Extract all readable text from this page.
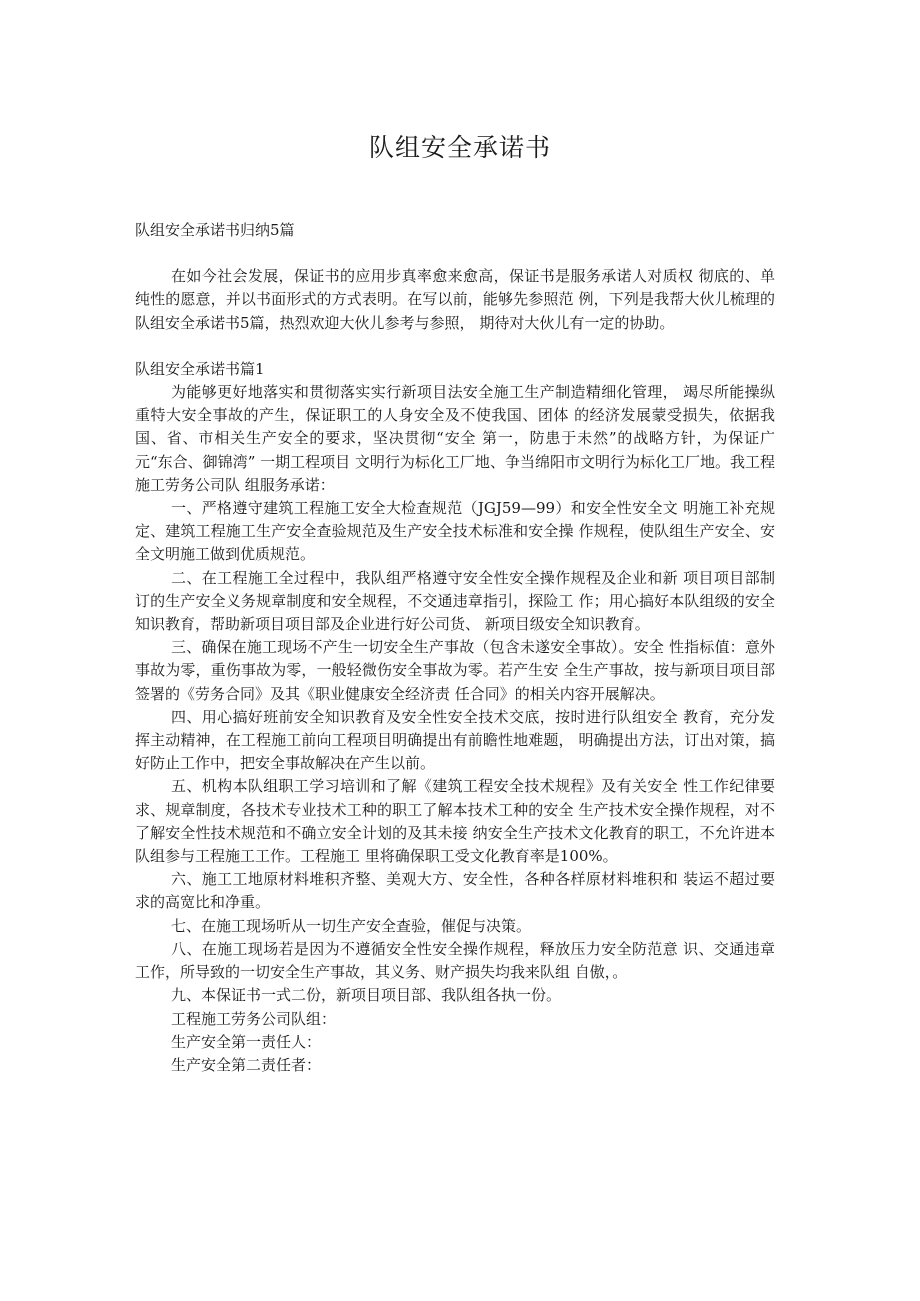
队组安全承诺书

队组安全承诺书归纳5篇

在如今社会发展，保证书的应用步真率愈来愈高，保证书是服务承诺人对质权 彻底的、单纯性的愿意，并以书面形式的方式表明。在写以前，能够先参照范 例，下列是我帮大伙儿梳理的队组安全承诺书5篇，热烈欢迎大伙儿参考与参照， 期待对大伙儿有一定的协助。

队组安全承诺书篇1

为能够更好地落实和贯彻落实实行新项目法安全施工生产制造精细化管理， 竭尽所能操纵重特大安全事故的产生，保证职工的人身安全及不使我国、团体 的经济发展蒙受损失，依据我国、省、市相关生产安全的要求，坚决贯彻“安全 第一，防患于未然”的战略方针，为保证广元“东合、御锦湾” 一期工程项目 文明行为标化工厂地、争当绵阳市文明行为标化工厂地。我工程施工劳务公司队 组服务承诺：

一、严格遵守建筑工程施工安全大检查规范（JGJ59—99）和安全性安全文 明施工补充规定、建筑工程施工生产安全查验规范及生产安全技术标准和安全操 作规程，使队组生产安全、安全文明施工做到优质规范。

二、在工程施工全过程中，我队组严格遵守安全性安全操作规程及企业和新 项目项目部制订的生产安全义务规章制度和安全规程，不交通违章指引，探险工 作；用心搞好本队组级的安全知识教育，帮助新项目项目部及企业进行好公司货、 新项目级安全知识教育。

三、确保在施工现场不产生一切安全生产事故（包含未遂安全事故）。安全 性指标值：意外事故为零，重伤事故为零，一般轻微伤安全事故为零。若产生安 全生产事故，按与新项目项目部签署的《劳务合同》及其《职业健康安全经济责 任合同》的相关内容开展解决。

四、用心搞好班前安全知识教育及安全性安全技术交底，按时进行队组安全 教育，充分发挥主动精神，在工程施工前向工程项目明确提出有前瞻性地难题， 明确提出方法，订出对策，搞好防止工作中，把安全事故解决在产生以前。

五、机构本队组职工学习培训和了解《建筑工程安全技术规程》及有关安全 性工作纪律要求、规章制度，各技术专业技术工种的职工了解本技术工种的安全 生产技术安全操作规程，对不了解安全性技术规范和不确立安全计划的及其未接 纳安全生产技术文化教育的职工，不允许进本队组参与工程施工工作。工程施工 里将确保职工受文化教育率是100%。

六、施工工地原材料堆积齐整、美观大方、安全性，各种各样原材料堆积和 装运不超过要求的高宽比和净重。

七、在施工现场听从一切生产安全查验，催促与决策。

八、在施工现场若是因为不遵循安全性安全操作规程，释放压力安全防范意 识、交通违章工作，所导致的一切安全生产事故，其义务、财产损失均我来队组 自傲，。

九、本保证书一式二份，新项目项目部、我队组各执一份。

工程施工劳务公司队组：

生产安全第一责任人：

生产安全第二责任者：
